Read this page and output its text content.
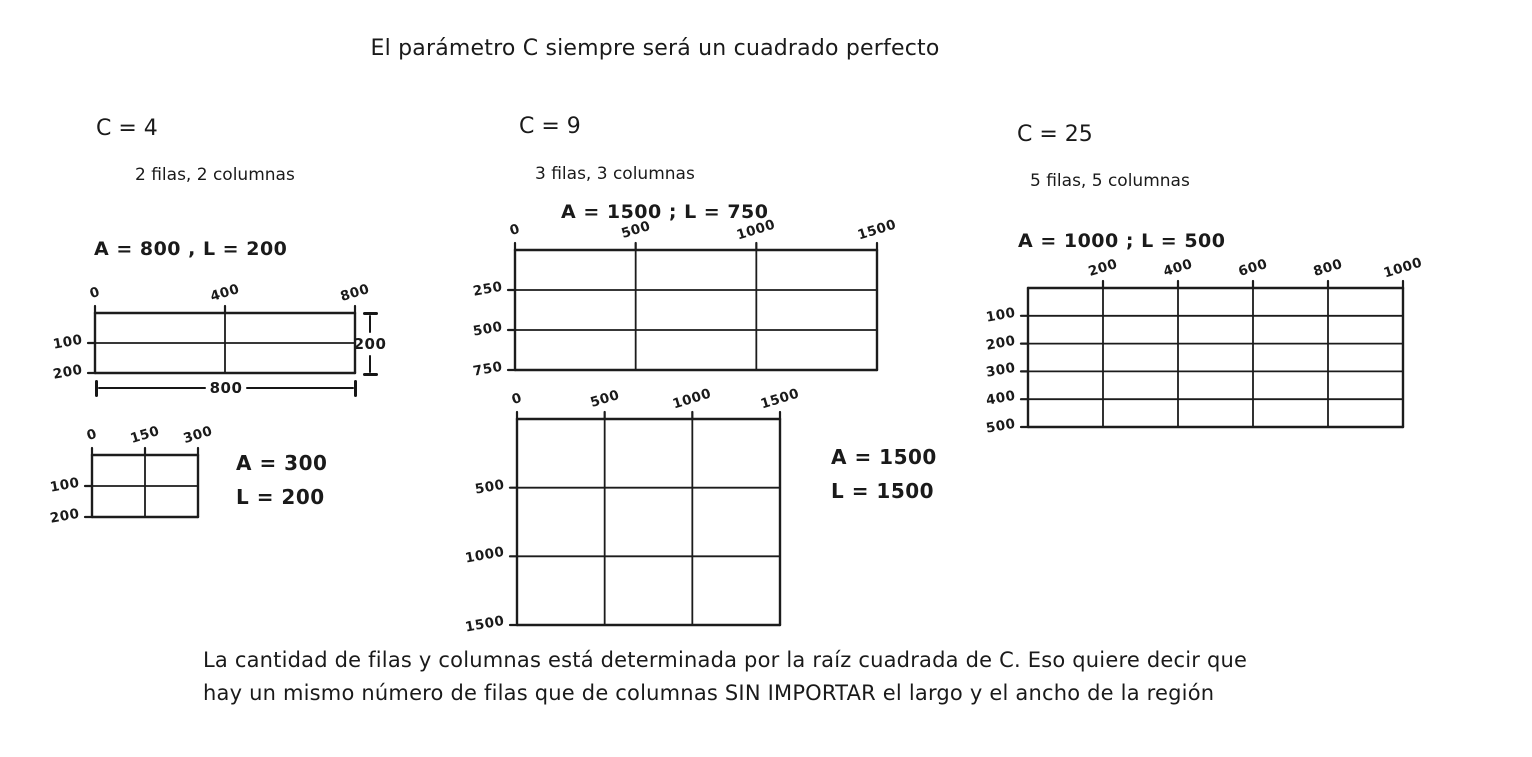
El parámetro C siempre será un cuadrado perfecto
C = 4
2 filas, 2 columnas
A = 800 , L = 200
C = 9
3 filas, 3 columnas
A = 1500 ; L = 750
C = 25
5 filas, 5 columnas
A = 1000 ; L = 500
0	400	800
100
200
0 150 300
100
200
0	500	1000	1500
250
500
750
0	500	1000	1500
500
1000
1500
200	400	600	800	1000
100
200
300
400
500
200
800
A = 300
L = 200
A = 1500
L = 1500
La cantidad de filas y columnas está determinada por la raíz cuadrada de C. Eso quiere decir que
hay un mismo número de filas que de columnas SIN IMPORTAR el largo y el ancho de la región
